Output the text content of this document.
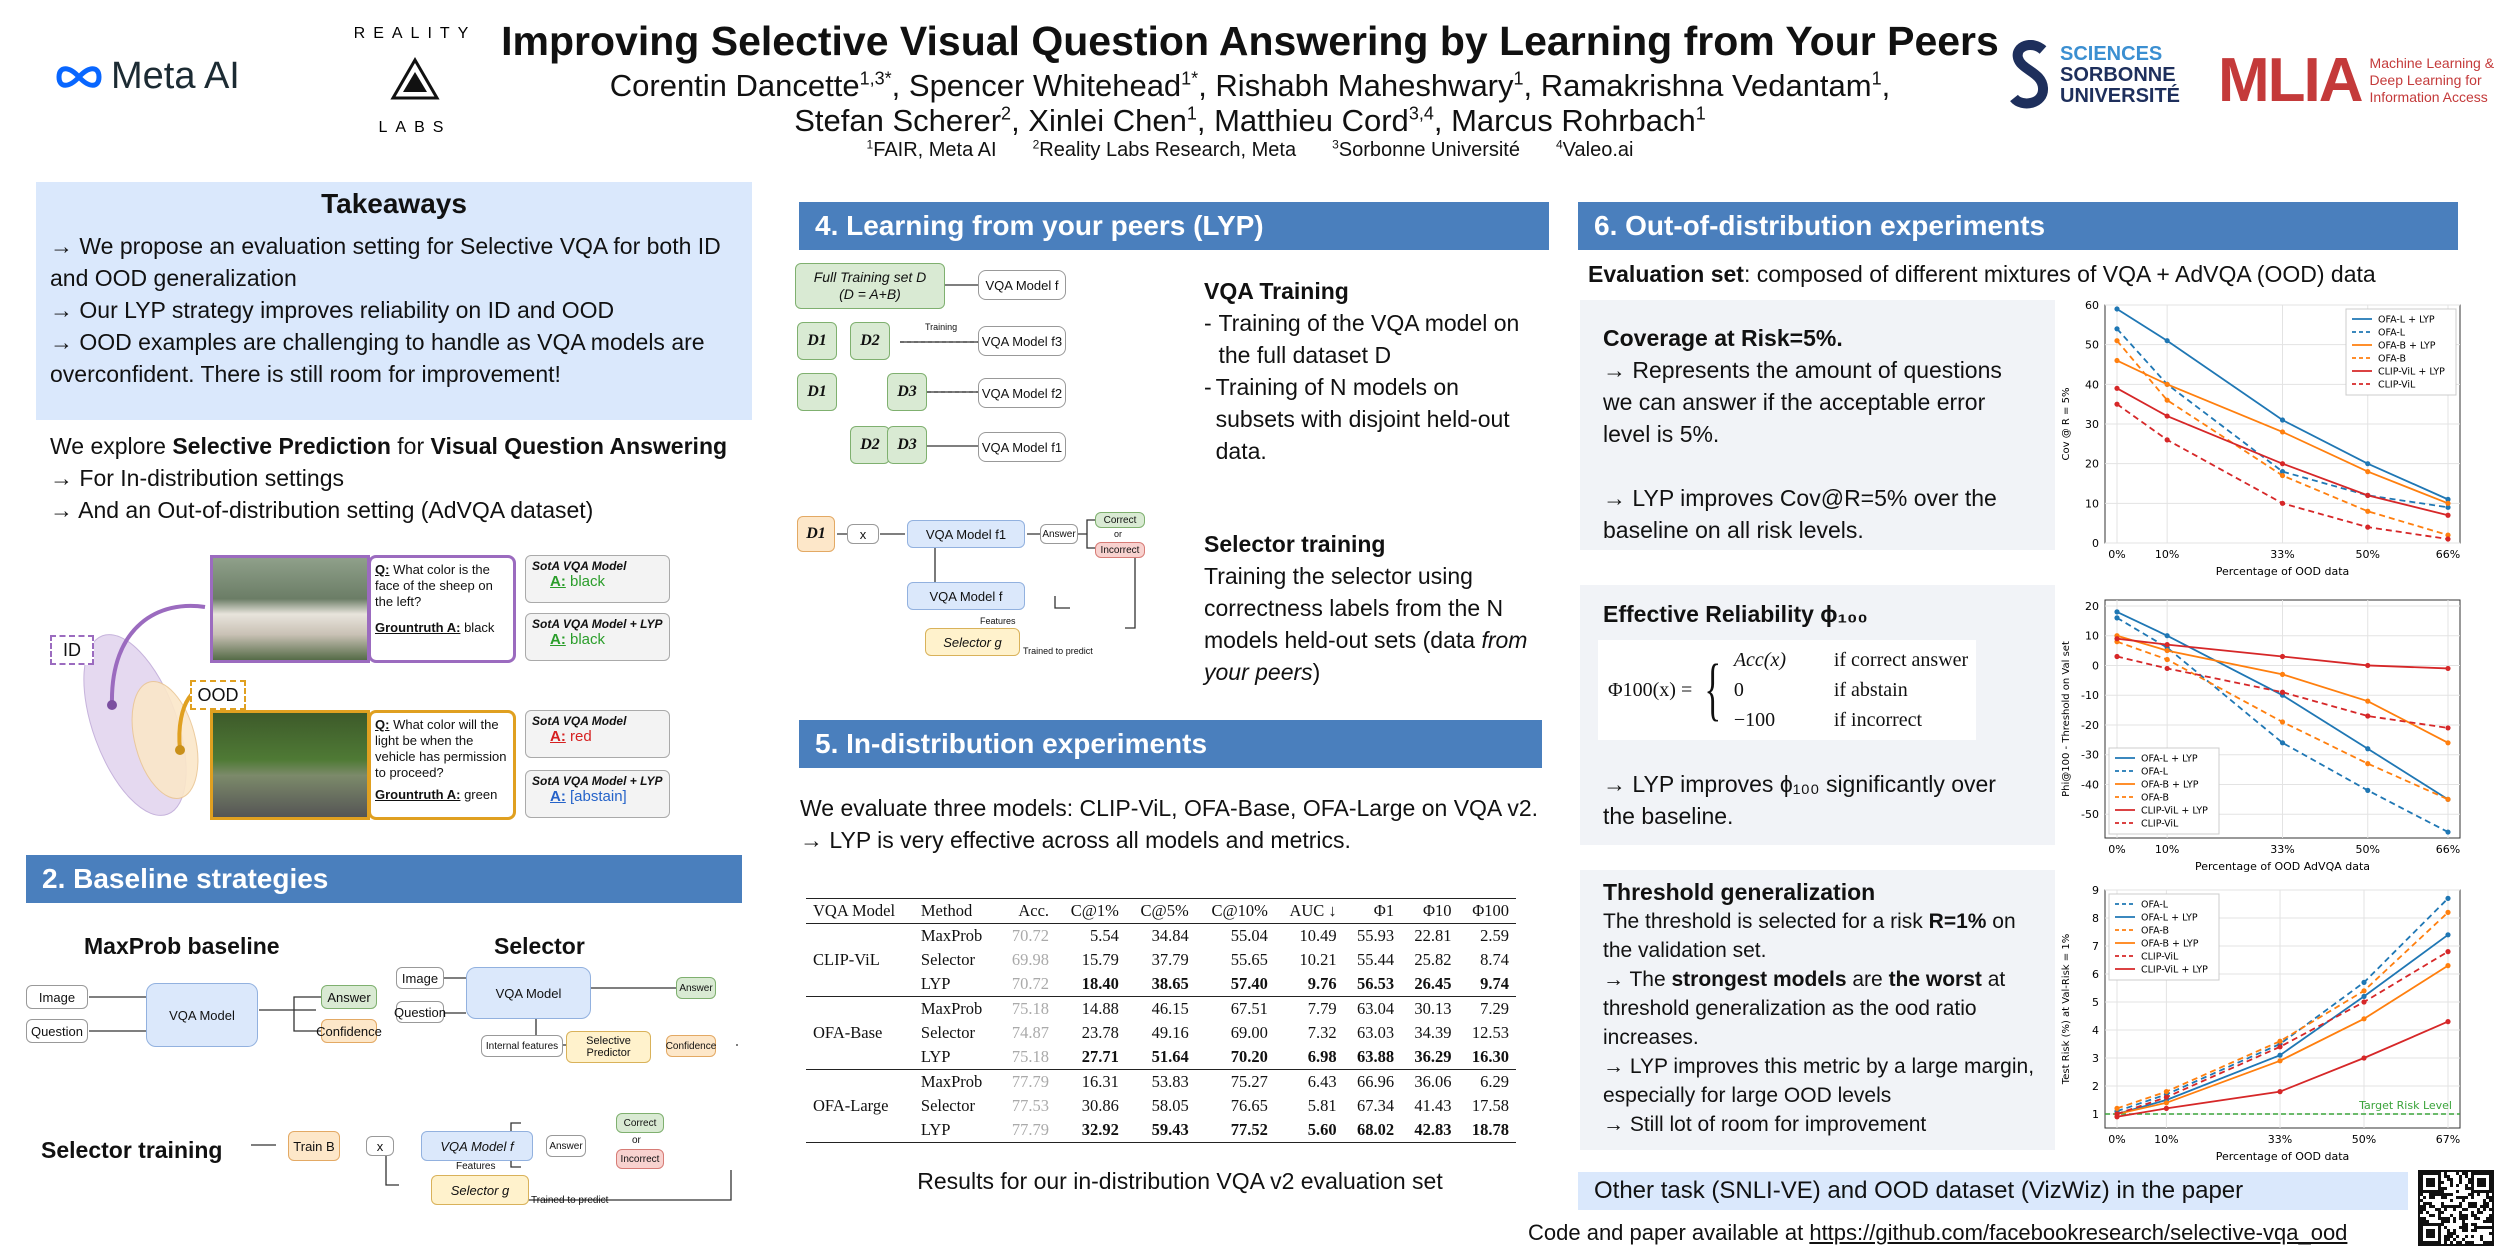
Meta AI
REALITY
LABS
Improving Selective Visual Question Answering by Learning from Your Peers
Corentin Dancette$^{1,3*}$, Spencer Whitehead$^{1*}$, Rishabh Maheshwary$^1$, Ramakrishna Vedantam$^1$,
Stefan Scherer$^2$, Xinlei Chen$^1$, Matthieu Cord$^{3,4}$, Marcus Rohrbach$^1$
$^1$FAIR, Meta AI	$^2$Reality Labs Research, Meta	$^3$Sorbonne Université	$^4$Valeo.ai
SCIENCES
SORBONNE
UNIVERSITÉ MLIA Machine Learning &
Deep Learning for
Information Access
Takeaways
→ We propose an evaluation setting for Selective VQA for both ID and OOD generalization
→ Our LYP strategy improves reliability on ID and OOD
→ OOD examples are challenging to handle as VQA models are overconfident. There is still room for improvement!
We explore Selective Prediction for Visual Question Answering
→ For In-distribution settings
→ And an Out-of-distribution setting (AdVQA dataset)
ID
OOD
Q: What color is the face of the sheep on the left?
Grountruth A: black
SotA VQA Model
A: black
SotA VQA Model + LYP
A: black
Q: What color will the light be when the vehicle has permission to proceed?
Grountruth A: green
SotA VQA Model
A: red
SotA VQA Model + LYP
A: [abstain]
2. Baseline strategies
MaxProb baseline	Selector
Image
Question
VQA Model
Answer
Confidence
Image
Question
VQA Model	Answer
Internal features	Selective Predictor
Confidence
Selector training	Train B	x	VQA Model f	Answer
Correct
or
Incorrect
Features
Selector g
Trained to predict
4. Learning from your peers (LYP)
Full Training set D
(D = A+B)
VQA Model f
D1	D2
Training
VQA Model f3
D1	D3	VQA Model f2
D2	D3	VQA Model f1
D1	x	VQA Model f1	Answer
Correct
or
Incorrect
VQA Model f
Features
Selector g
Trained to predict
VQA Training
- Training of the VQA model on the full dataset D
- Training of N models on subsets with disjoint held-out data.
Selector training
Training the selector using correctness labels from the N models held-out sets (data from your peers)
5. In-distribution experiments
We evaluate three models: CLIP-ViL, OFA-Base, OFA-Large on VQA v2.
→ LYP is very effective across all models and metrics.
VQA Model	Method	Acc.	C@1%	C@5%	C@10%	AUC ↓	Φ1	Φ10	Φ100
	MaxProb	70.72	5.54	34.84	55.04	10.49	55.93	22.81	2.59
CLIP-ViL	Selector	69.98	15.79	37.79	55.65	10.21	55.44	25.82	8.74
	LYP	70.72	18.40	38.65	57.40	9.76	56.53	26.45	9.74
	MaxProb	75.18	14.88	46.15	67.51	7.79	63.04	30.13	7.29
OFA-Base	Selector	74.87	23.78	49.16	69.00	7.32	63.03	34.39	12.53
	LYP	75.18	27.71	51.64	70.20	6.98	63.88	36.29	16.30
	MaxProb	77.79	16.31	53.83	75.27	6.43	66.96	36.06	6.29
OFA-Large	Selector	77.53	30.86	58.05	76.65	5.81	67.34	41.43	17.58
	LYP	77.79	32.92	59.43	77.52	5.60	68.02	42.83	18.78
Results for our in-distribution VQA v2 evaluation set
6. Out-of-distribution experiments
Evaluation set: composed of different mixtures of VQA + AdVQA (OOD) data
Coverage at Risk=5%.
→ Represents the amount of questions we can answer if the acceptable error level is 5%.
→ LYP improves Cov@R=5% over the baseline on all risk levels.
Effective Reliability ϕ₁₀₀
Φ100(x) = { Acc(x)	if correct answer
0	if abstain
−100	if incorrect
→ LYP improves ϕ₁₀₀ significantly over the baseline.
Threshold generalization
The threshold is selected for a risk R=1% on the validation set.
→ The strongest models are the worst at threshold generalization as the ood ratio increases.
→ LYP improves this metric by a large margin, especially for large OOD levels
→ Still lot of room for improvement
0
10
20
30
40
50
60
0%	10%	33%	50%	66%
Percentage of OOD data
Cov @ R = 5%
OFA-L + LYP
OFA-L
OFA-B + LYP
OFA-B
CLIP-ViL + LYP
CLIP-ViL
-50
-40
-30
-20
-10
0
10
20
0%	10%	33%	50%	66%
Percentage of OOD AdVQA data
Phi@100 - Threshold on Val set	OFA-L + LYP
OFA-L
OFA-B + LYP
OFA-B
CLIP-ViL + LYP
CLIP-ViL
1
2
3
4
5
6
7
8
9
0%	10%	33%	50%	67%
Percentage of OOD data
Test Risk (%) at Val-Risk = 1%
Target Risk Level
OFA-L
OFA-L + LYP
OFA-B
OFA-B + LYP
CLIP-ViL
CLIP-ViL + LYP
Other task (SNLI-VE) and OOD dataset (VizWiz) in the paper
Code and paper available at https://github.com/facebookresearch/selective-vqa_ood
